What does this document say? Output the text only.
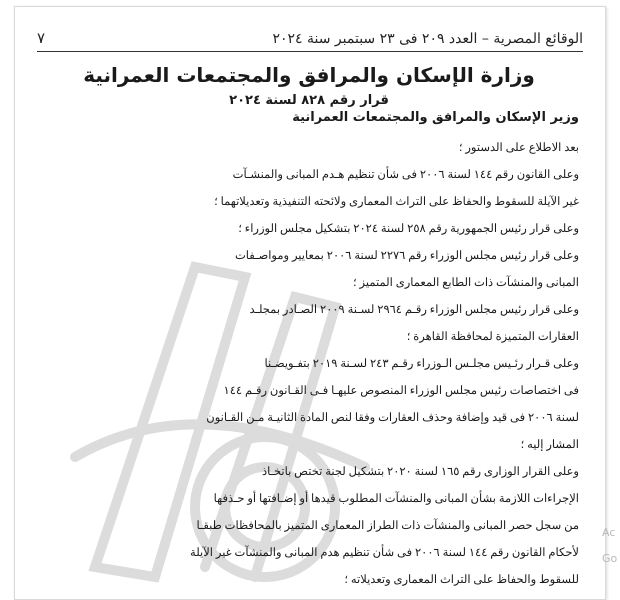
الوقائع المصرية – العدد ٢٠٩ فى ٢٣ سبتمبر سنة ٢٠٢٤
٧
وزارة الإسكان والمرافق والمجتمعات العمرانية
قرار رقم ٨٢٨ لسنة ٢٠٢٤
وزير الإسكان والمرافق والمجتمعات العمرانية
بعد الاطلاع على الدستور ؛
وعلى القانون رقم ١٤٤ لسنة ٢٠٠٦ فى شأن تنظيم هـدم المبانى والمنشـآت
غير الآيلة للسقوط والحفاظ على التراث المعمارى ولائحته التنفيذية وتعديلاتهما ؛
وعلى قرار رئيس الجمهورية رقم ٢٥٨ لسنة ٢٠٢٤ بتشكيل مجلس الوزراء ؛
وعلى قرار رئيس مجلس الوزراء رقم ٢٢٧٦ لسنة ٢٠٠٦ بمعايير ومواصـفات
المبانى والمنشآت ذات الطابع المعمارى المتميز ؛
وعلى قرار رئيس مجلس الوزراء رقـم ٢٩٦٤ لسـنة ٢٠٠٩ الصـادر بمجلـد
العقارات المتميزة لمحافظة القاهرة ؛
وعلى قـرار رئـيس مجلـس الـوزراء رقـم ٢٤٣ لسـنة ٢٠١٩ بتفـويضـنا
فى اختصاصات رئيس مجلس الوزراء المنصوص عليهـا فـى القـانون رقـم ١٤٤
لسنة ٢٠٠٦ فى قيد وإضافة وحذف العقارات وفقا لنص المادة الثانيـة مـن القـانون
المشار إليه ؛
وعلى القرار الوزارى رقم ١٦٥ لسنة ٢٠٢٠ بتشكيل لجنة تختص باتخـاذ
الإجراءات اللازمة بشأن المبانى والمنشآت المطلوب قيدها أو إضـافتها أو حـذفها
من سجل حصر المبانى والمنشآت ذات الطراز المعمارى المتميز بالمحافظات طبقـا
لأحكام القانون رقم ١٤٤ لسنة ٢٠٠٦ فى شأن تنظيم هدم المبانى والمنشآت غير الآيلة
للسقوط والحفاظ على التراث المعمارى وتعديلاته ؛
Ac Go
